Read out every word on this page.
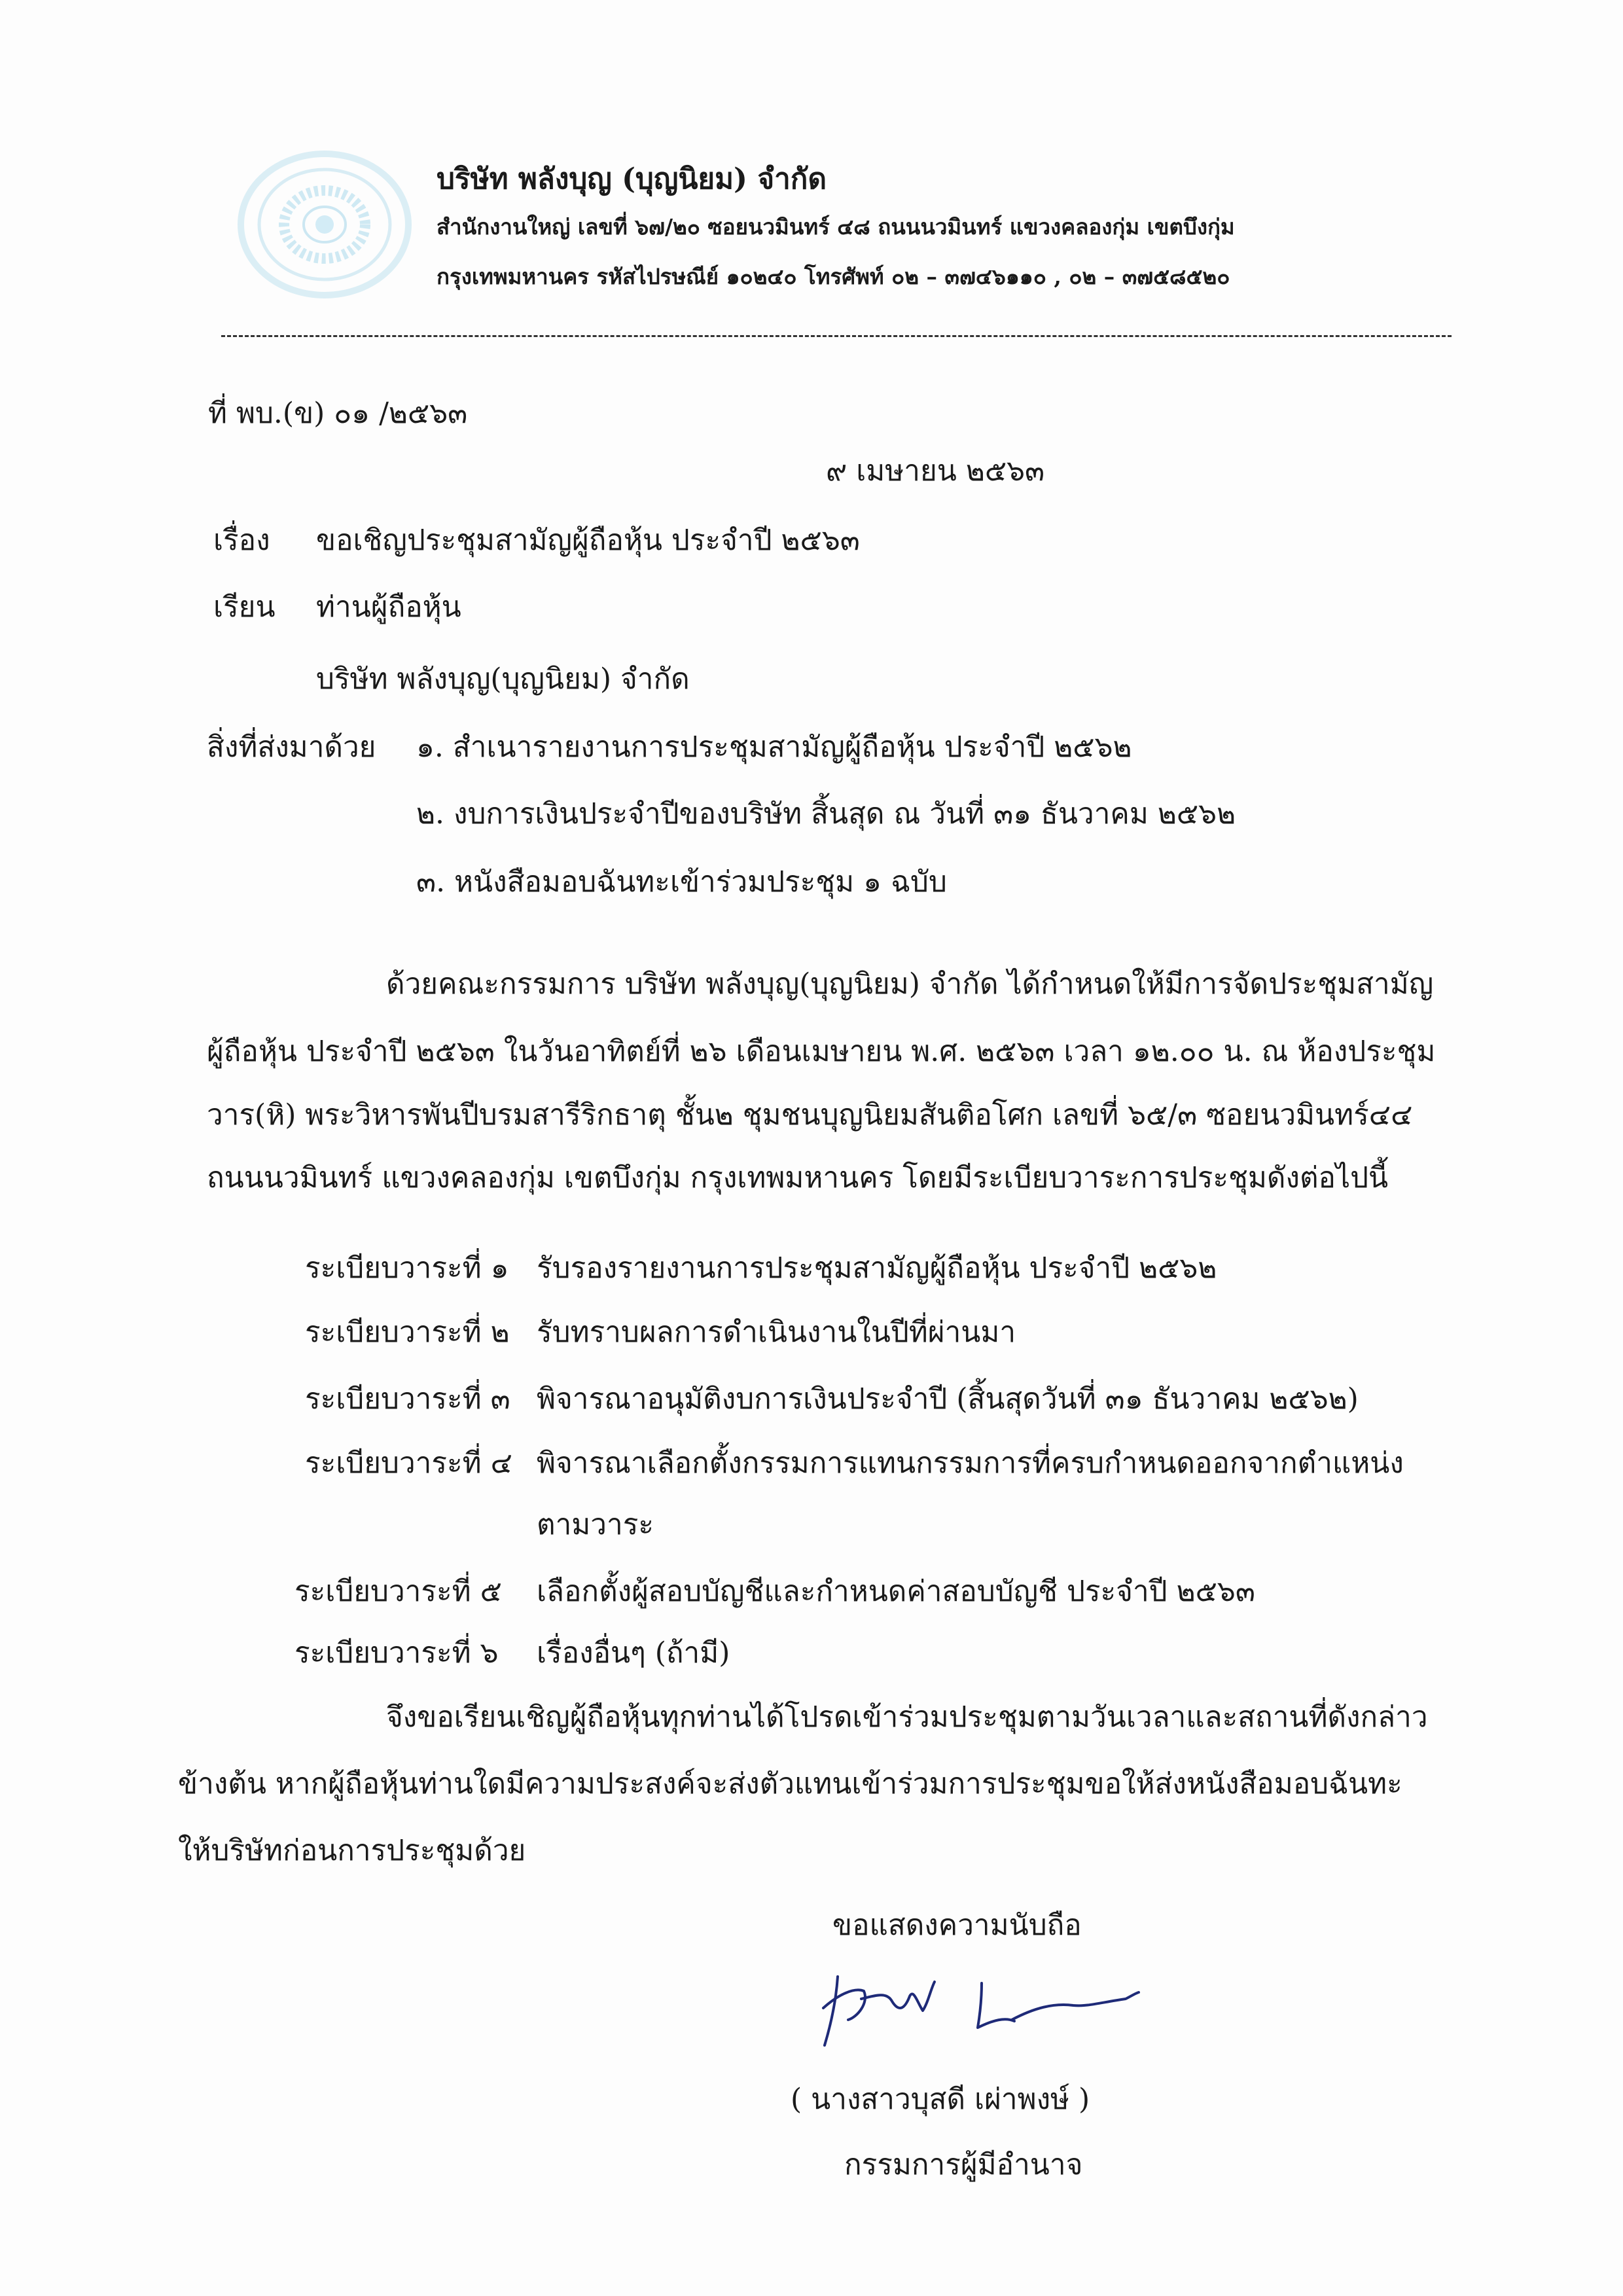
บริษัท พลังบุญ (บุญนิยม) จำกัด
สำนักงานใหญ่ เลขที่ ๖๗/๒๐ ซอยนวมินทร์ ๔๘ ถนนนวมินทร์ แขวงคลองกุ่ม เขตบึงกุ่ม
กรุงเทพมหานคร รหัสไปรษณีย์ ๑๐๒๔๐ โทรศัพท์ ๐๒ – ๓๗๔๖๑๑๐ , ๐๒ – ๓๗๕๘๕๒๐
ที่ พบ.(ข) ๐๑ /๒๕๖๓
๙ เมษายน ๒๕๖๓
เรื่อง ขอเชิญประชุมสามัญผู้ถือหุ้น ประจำปี ๒๕๖๓
เรียน ท่านผู้ถือหุ้น
บริษัท พลังบุญ(บุญนิยม) จำกัด
สิ่งที่ส่งมาด้วย ๑. สำเนารายงานการประชุมสามัญผู้ถือหุ้น ประจำปี ๒๕๖๒
๒. งบการเงินประจำปีของบริษัท สิ้นสุด ณ วันที่ ๓๑ ธันวาคม ๒๕๖๒
๓. หนังสือมอบฉันทะเข้าร่วมประชุม ๑ ฉบับ
ด้วยคณะกรรมการ บริษัท พลังบุญ(บุญนิยม) จำกัด ได้กำหนดให้มีการจัดประชุมสามัญ
ผู้ถือหุ้น ประจำปี ๒๕๖๓ ในวันอาทิตย์ที่ ๒๖ เดือนเมษายน พ.ศ. ๒๕๖๓ เวลา ๑๒.๐๐ น. ณ ห้องประชุม
วาร(หิ) พระวิหารพันปีบรมสารีริกธาตุ ชั้น๒ ชุมชนบุญนิยมสันติอโศก เลขที่ ๖๕/๓ ซอยนวมินทร์๔๔
ถนนนวมินทร์ แขวงคลองกุ่ม เขตบึงกุ่ม กรุงเทพมหานคร โดยมีระเบียบวาระการประชุมดังต่อไปนี้
ระเบียบวาระที่ ๑ รับรองรายงานการประชุมสามัญผู้ถือหุ้น ประจำปี ๒๕๖๒
ระเบียบวาระที่ ๒ รับทราบผลการดำเนินงานในปีที่ผ่านมา
ระเบียบวาระที่ ๓ พิจารณาอนุมัติงบการเงินประจำปี (สิ้นสุดวันที่ ๓๑ ธันวาคม ๒๕๖๒)
ระเบียบวาระที่ ๔ พิจารณาเลือกตั้งกรรมการแทนกรรมการที่ครบกำหนดออกจากตำแหน่ง
ตามวาระ
ระเบียบวาระที่ ๕ เลือกตั้งผู้สอบบัญชีและกำหนดค่าสอบบัญชี ประจำปี ๒๕๖๓
ระเบียบวาระที่ ๖ เรื่องอื่นๆ (ถ้ามี)
จึงขอเรียนเชิญผู้ถือหุ้นทุกท่านได้โปรดเข้าร่วมประชุมตามวันเวลาและสถานที่ดังกล่าว
ข้างต้น หากผู้ถือหุ้นท่านใดมีความประสงค์จะส่งตัวแทนเข้าร่วมการประชุมขอให้ส่งหนังสือมอบฉันทะ
ให้บริษัทก่อนการประชุมด้วย
ขอแสดงความนับถือ
( นางสาวบุสดี เผ่าพงษ์ )
กรรมการผู้มีอำนาจ
